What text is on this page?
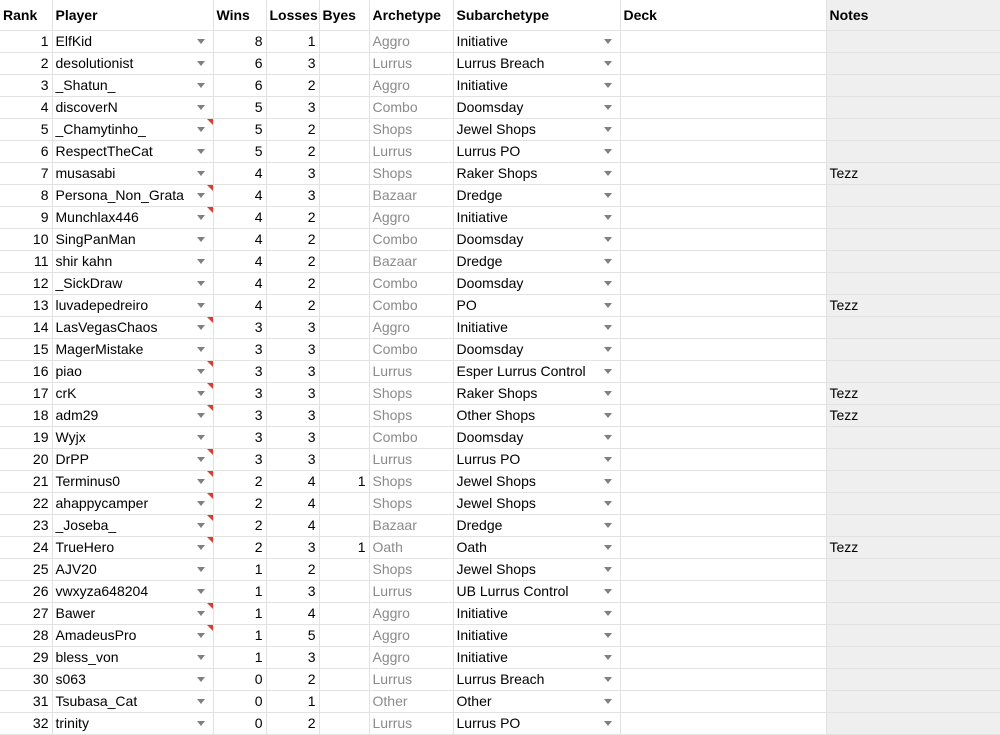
Rank	Player	Wins	Losses	Byes	Archetype	Subarchetype	Deck	Notes
1	ElfKid	8	1		Aggro	Initiative

2	desolutionist	6	3		Lurrus	Lurrus Breach

3	_Shatun_	6	2		Aggro	Initiative

4	discoverN	5	3		Combo	Doomsday

5	_Chamytinho_	5	2		Shops	Jewel Shops

6	RespectTheCat	5	2		Lurrus	Lurrus PO

7	musasabi	4	3		Shops	Raker Shops		Tezz
8	Persona_Non_Grata	4	3		Bazaar	Dredge

9	Munchlax446	4	2		Aggro	Initiative

10	SingPanMan	4	2		Combo	Doomsday

11	shir kahn	4	2		Bazaar	Dredge

12	_SickDraw	4	2		Combo	Doomsday

13	luvadepedreiro	4	2		Combo	PO		Tezz
14	LasVegasChaos	3	3		Aggro	Initiative

15	MagerMistake	3	3		Combo	Doomsday

16	piao	3	3		Lurrus	Esper Lurrus Control

17	crK	3	3		Shops	Raker Shops		Tezz
18	adm29	3	3		Shops	Other Shops		Tezz
19	Wyjx	3	3		Combo	Doomsday

20	DrPP	3	3		Lurrus	Lurrus PO

21	Terminus0	2	4	1	Shops	Jewel Shops

22	ahappycamper	2	4		Shops	Jewel Shops

23	_Joseba_	2	4		Bazaar	Dredge

24	TrueHero	2	3	1	Oath	Oath		Tezz
25	AJV20	1	2		Shops	Jewel Shops

26	vwxyza648204	1	3		Lurrus	UB Lurrus Control

27	Bawer	1	4		Aggro	Initiative

28	AmadeusPro	1	5		Aggro	Initiative

29	bless_von	1	3		Aggro	Initiative

30	s063	0	2		Lurrus	Lurrus Breach

31	Tsubasa_Cat	0	1		Other	Other

32	trinity	0	2		Lurrus	Lurrus PO
